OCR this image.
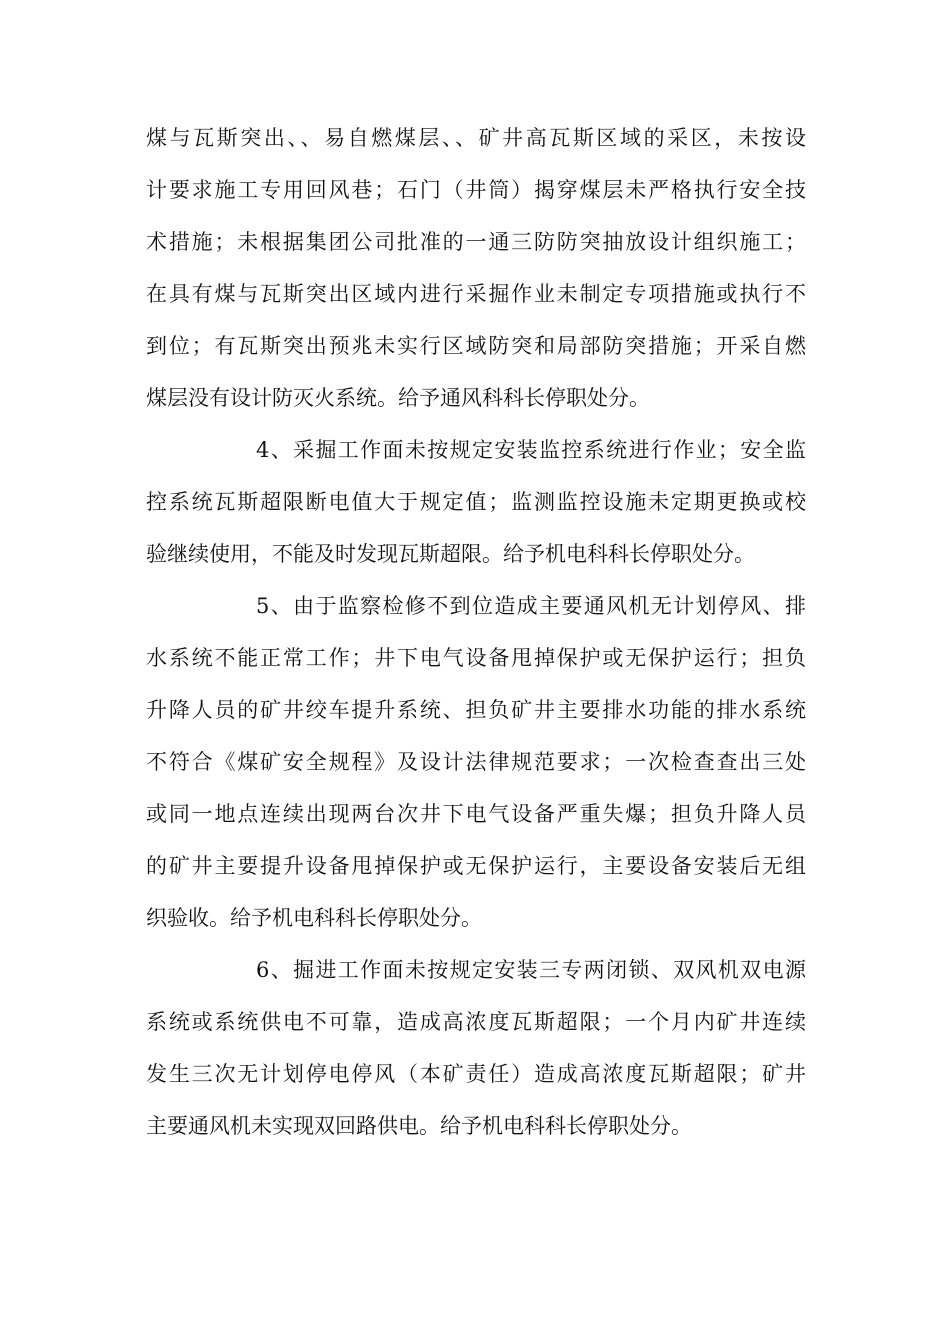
煤与瓦斯突出、、易自燃煤层、、矿井高瓦斯区域的采区，未按设
计要求施工专用回风巷；石门（井筒）揭穿煤层未严格执行安全技
术措施；未根据集团公司批准的一通三防防突抽放设计组织施工；
在具有煤与瓦斯突出区域内进行采掘作业未制定专项措施或执行不
到位；有瓦斯突出预兆未实行区域防突和局部防突措施；开采自燃
煤层没有设计防灭火系统。给予通风科科长停职处分。
4、采掘工作面未按规定安装监控系统进行作业；安全监
控系统瓦斯超限断电值大于规定值；监测监控设施未定期更换或校
验继续使用，不能及时发现瓦斯超限。给予机电科科长停职处分。
5、由于监察检修不到位造成主要通风机无计划停风、排
水系统不能正常工作；井下电气设备甩掉保护或无保护运行；担负
升降人员的矿井绞车提升系统、担负矿井主要排水功能的排水系统
不符合《煤矿安全规程》及设计法律规范要求；一次检查查出三处
或同一地点连续出现两台次井下电气设备严重失爆；担负升降人员
的矿井主要提升设备甩掉保护或无保护运行，主要设备安装后无组
织验收。给予机电科科长停职处分。
6、掘进工作面未按规定安装三专两闭锁、双风机双电源
系统或系统供电不可靠，造成高浓度瓦斯超限；一个月内矿井连续
发生三次无计划停电停风（本矿责任）造成高浓度瓦斯超限；矿井
主要通风机未实现双回路供电。给予机电科科长停职处分。
